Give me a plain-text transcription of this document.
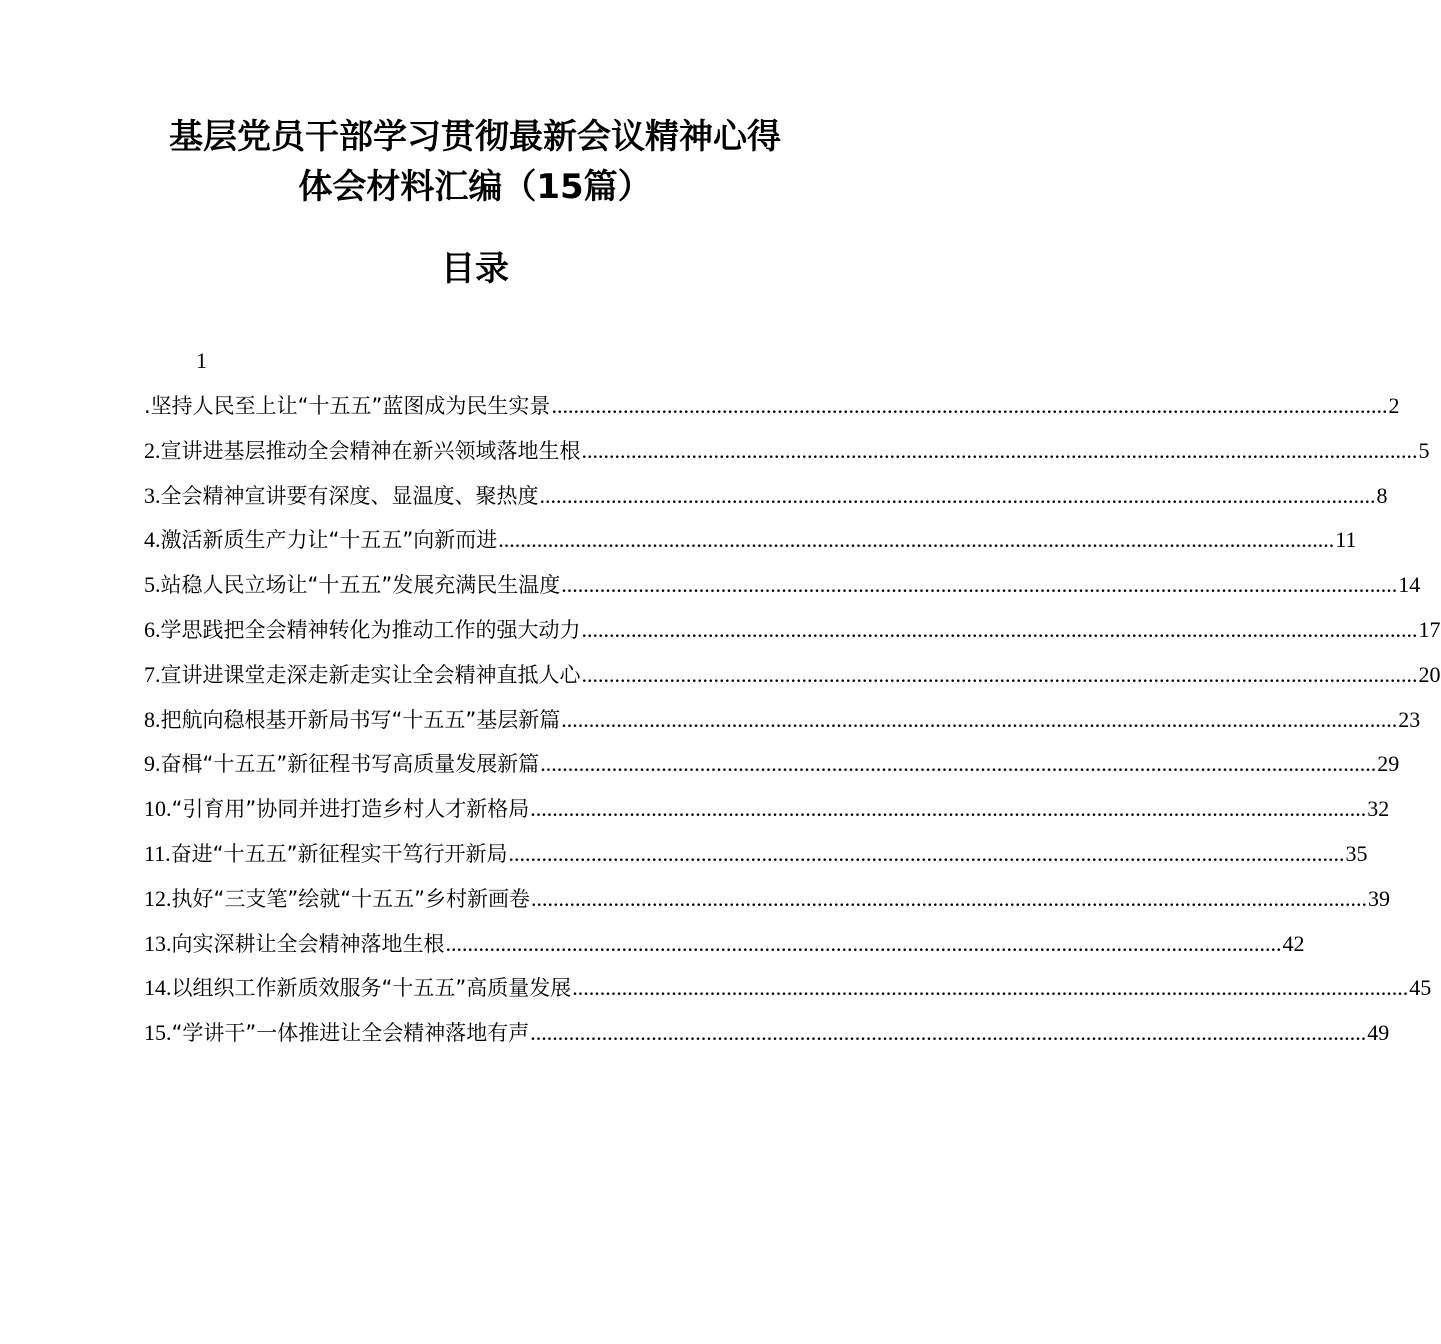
基层党员干部学习贯彻最新会议精神心得
体会材料汇编（15篇）
目录
1
.坚持人民至上让“十五五”蓝图成为民生实景 .....	2
2.宣讲进基层推动全会精神在新兴领域落地生根 .....	5
3.全会精神宣讲要有深度、显温度、聚热度 .....	8
4.激活新质生产力让“十五五”向新而进 .....	11
5.站稳人民立场让“十五五”发展充满民生温度 .....	14
6.学思践把全会精神转化为推动工作的强大动力 .....	17
7.宣讲进课堂走深走新走实让全会精神直抵人心 .....	20
8.把航向稳根基开新局书写“十五五”基层新篇 .....	23
9.奋楫“十五五”新征程书写高质量发展新篇 .....	29
10.“引育用”协同并进打造乡村人才新格局 .....	32
11.奋进“十五五”新征程实干笃行开新局 .....	35
12.执好“三支笔”绘就“十五五”乡村新画卷 .....	39
13.向实深耕让全会精神落地生根 .....	42
14.以组织工作新质效服务“十五五”高质量发展 .....	45
15.“学讲干”一体推进让全会精神落地有声 .....	49
